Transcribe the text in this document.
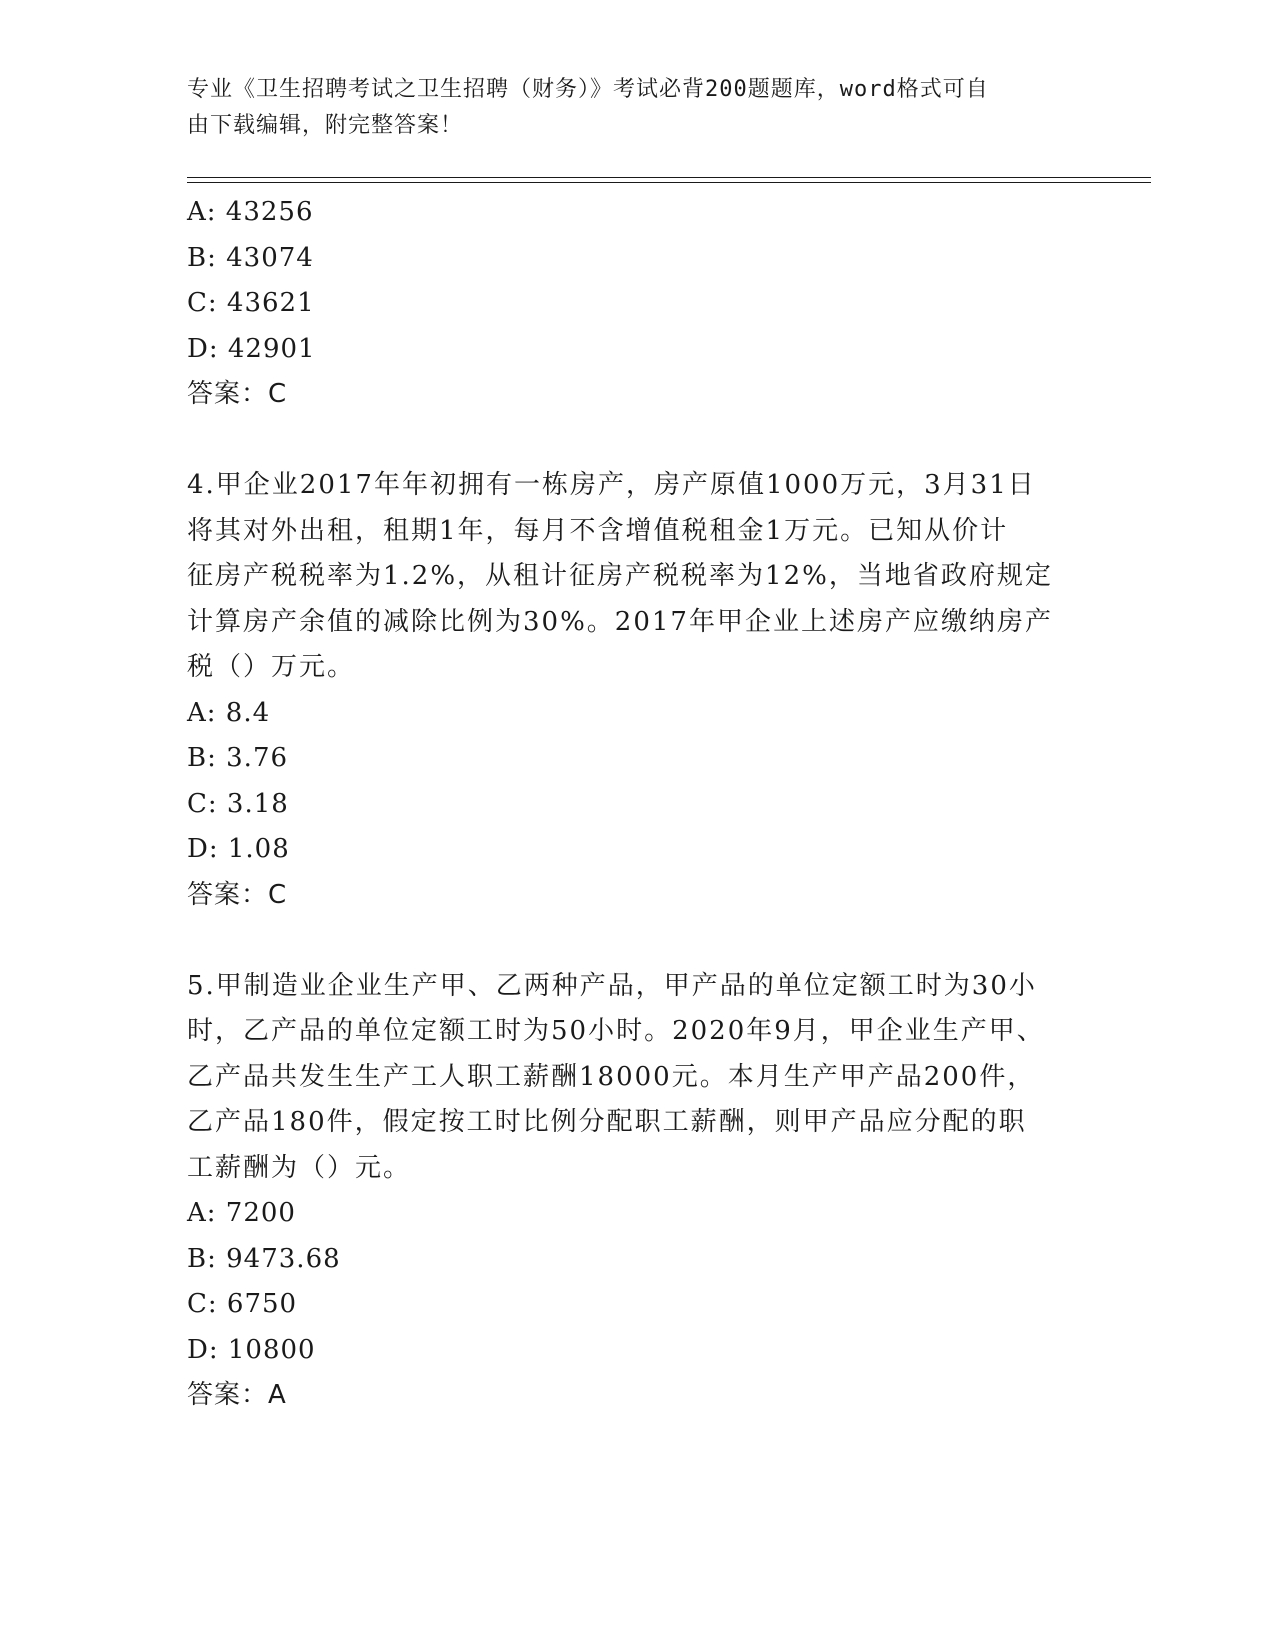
专业《卫生招聘考试之卫生招聘（财务）》考试必背200题题库，word格式可自
由下载编辑，附完整答案！
A: 43256
B: 43074
C: 43621
D: 42901
答案：C
4.甲企业2017年年初拥有一栋房产，房产原值1000万元，3月31日
将其对外出租，租期1年，每月不含增值税租金1万元。已知从价计
征房产税税率为1.2%，从租计征房产税税率为12%，当地省政府规定
计算房产余值的减除比例为30%。2017年甲企业上述房产应缴纳房产
税（）万元。
A: 8.4
B: 3.76
C: 3.18
D: 1.08
答案：C
5.甲制造业企业生产甲、乙两种产品，甲产品的单位定额工时为30小
时，乙产品的单位定额工时为50小时。2020年9月，甲企业生产甲、
乙产品共发生生产工人职工薪酬18000元。本月生产甲产品200件，
乙产品180件，假定按工时比例分配职工薪酬，则甲产品应分配的职
工薪酬为（）元。
A: 7200
B: 9473.68
C: 6750
D: 10800
答案：A
